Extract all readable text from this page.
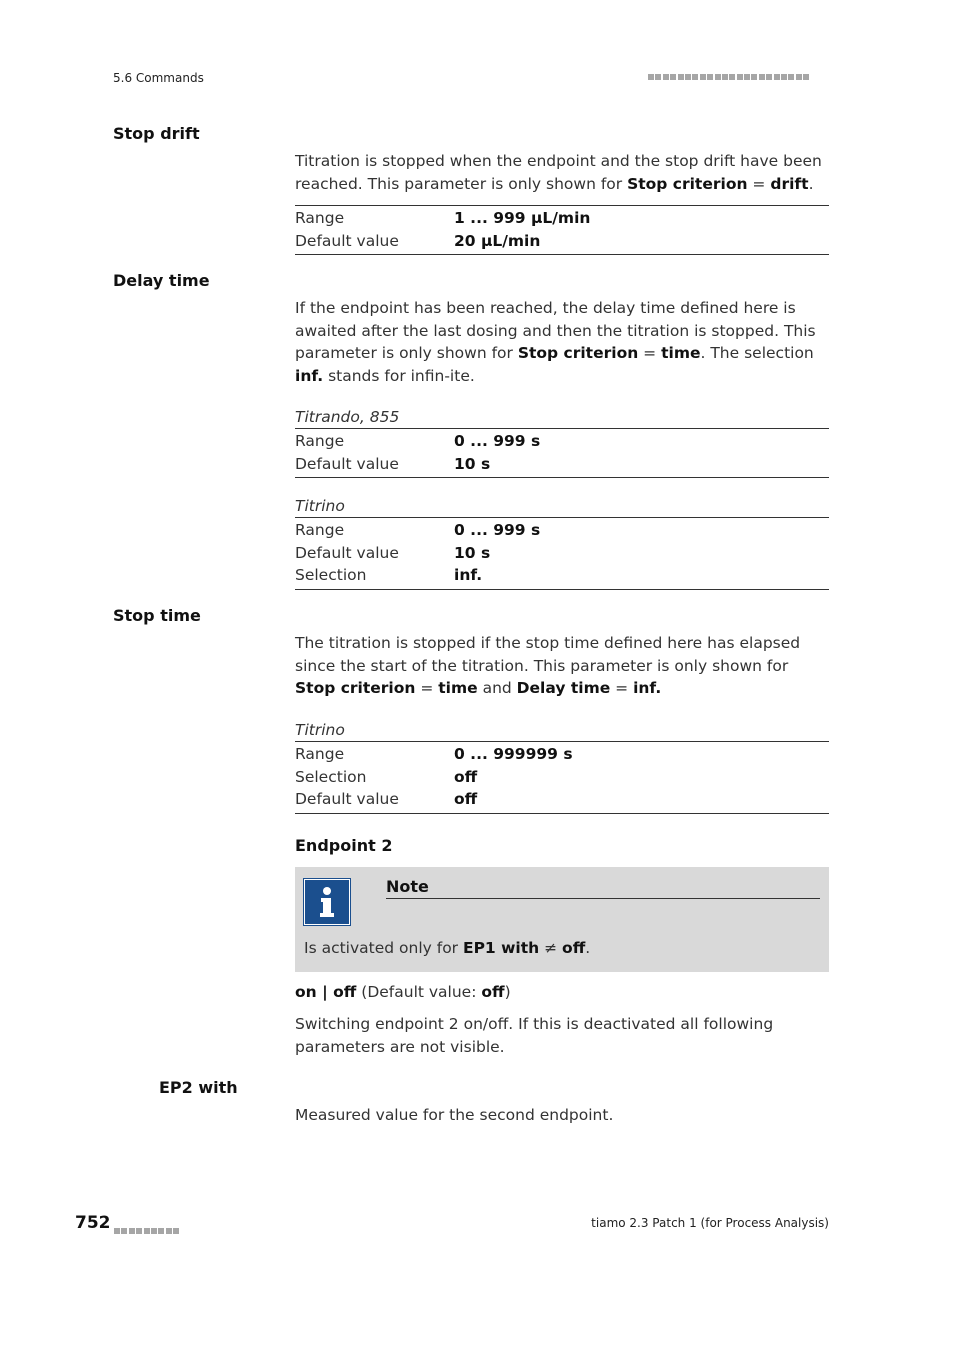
5.6 Commands
Stop drift
Titration is stopped when the endpoint and the stop drift have been reached. This parameter is only shown for Stop criterion = drift.
Range	1 ... 999 µL/min
Default value	20 µL/min
Delay time
If the endpoint has been reached, the delay time defined here is awaited after the last dosing and then the titration is stopped. This parameter is only shown for Stop criterion = time. The selection inf. stands for infin-ite.
Titrando, 855
Range	0 ... 999 s
Default value	10 s
Titrino
Range	0 ... 999 s
Default value	10 s
Selection	inf.
Stop time
The titration is stopped if the stop time defined here has elapsed since the start of the titration. This parameter is only shown for Stop criterion = time and Delay time = inf.
Titrino
Range	0 ... 999999 s
Selection	off
Default value	off
Endpoint 2
Note
Is activated only for EP1 with ≠ off.
on | off (Default value: off)
Switching endpoint 2 on/off. If this is deactivated all following parameters are not visible.
EP2 with
Measured value for the second endpoint.
752	tiamo 2.3 Patch 1 (for Process Analysis)
